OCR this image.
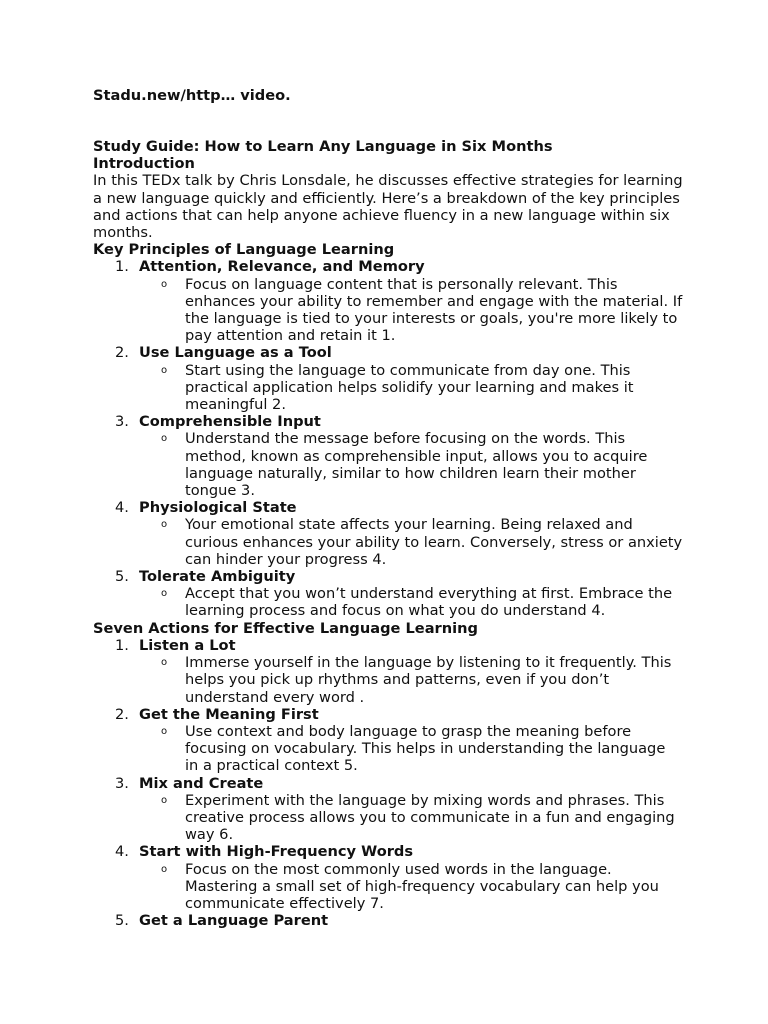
Stadu.new/http… video.
Study Guide: How to Learn Any Language in Six Months
Introduction

In this TEDx talk by Chris Lonsdale, he discusses effective strategies for learning a new language quickly and efficiently. Here’s a breakdown of the key principles and actions that can help anyone achieve fluency in a new language within six months.

Key Principles of Language Learning
1. Attention, Relevance, and Memory
o Focus on language content that is personally relevant. This enhances your ability to remember and engage with the material. If the language is tied to your interests or goals, you're more likely to pay attention and retain it 1.
2. Use Language as a Tool
o Start using the language to communicate from day one. This practical application helps solidify your learning and makes it meaningful 2.
3. Comprehensible Input
o Understand the message before focusing on the words. This method, known as comprehensible input, allows you to acquire language naturally, similar to how children learn their mother tongue 3.
4. Physiological State
o Your emotional state affects your learning. Being relaxed and curious enhances your ability to learn. Conversely, stress or anxiety can hinder your progress 4.
5. Tolerate Ambiguity
o Accept that you won’t understand everything at first. Embrace the learning process and focus on what you do understand 4.
Seven Actions for Effective Language Learning
1. Listen a Lot
o Immerse yourself in the language by listening to it frequently. This helps you pick up rhythms and patterns, even if you don’t understand every word .
2. Get the Meaning First
o Use context and body language to grasp the meaning before focusing on vocabulary. This helps in understanding the language in a practical context 5.
3. Mix and Create
o Experiment with the language by mixing words and phrases. This creative process allows you to communicate in a fun and engaging way 6.
4. Start with High-Frequency Words
o Focus on the most commonly used words in the language. Mastering a small set of high-frequency vocabulary can help you communicate effectively 7.
5. Get a Language Parent
